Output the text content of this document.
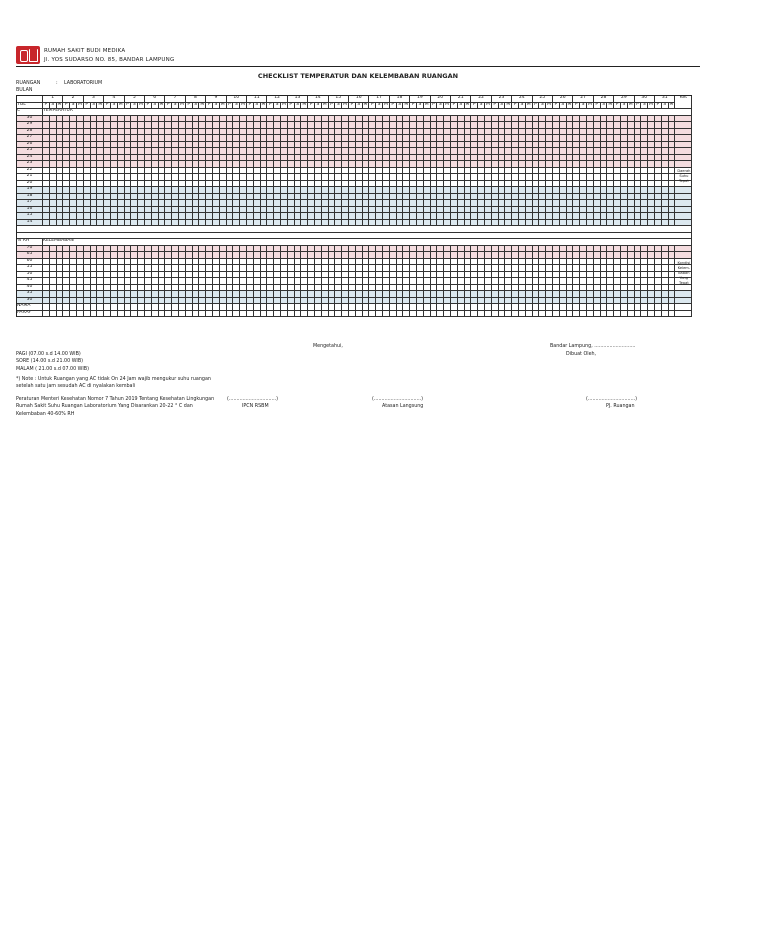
RUMAH SAKIT BUDI MEDIKA
Jl. YOS SUDARSO NO. 85, BANDAR LAMPUNG
CHECKLIST TEMPERATUR DAN KELEMBABAN RUANGAN
RUANGAN	: LABORATORIUM
BULAN
1	2	3	4	5	6	7	8	9	10	11	12	13	14	15	16	17	18	19	20	21	22	23	24	25	26	27	28	29	30	31	Ket
TGL	P S M P S M P S M P S M P S M P S M P S M P S M P S M P S M P S M P S M P S M P S M P S M P S M P S M P S M P S M P S M P S M P S M P S M P S M P S M P S M P S M P S M P S M P S M P S M
C	TEMPERATUR
30
29
28
27
26
25
24
23
22
21
20
19
18
17
16
15
14
Daerah
Suhu
Tepat
% RH	KELEMBABAN
70
65
60
55
50
45
40
35
30
Kondisi
Kelem-
baban
Yang Tepat
NAMA
PARAF
Mengetahui,	Bandar Lampung, ...........................
Dibuat Oleh,
PAGI (07.00 s.d 14.00 WIB)
SORE (14.00 s.d 21.00 WIB)
MALAM ( 21.00 s.d 07.00 WIB)
*) Note : Untuk Ruangan yang AC tidak On 24 Jam wajib mengukur suhu ruangan
setelah satu jam sesudah AC di nyalakan kembali
Peraturan Menteri Kesehatan Nomor 7 Tahun 2019 Tentang Kesehatan Lingkungan
Rumah Sakit Suhu Ruangan Laboratorium Yang Disarankan 20-22 ° C dan
Kelembaban 40-60% RH
(...............................)
IPCN RSBM
(...............................)
Atasan Langsung
(...............................)
PJ. Ruangan
